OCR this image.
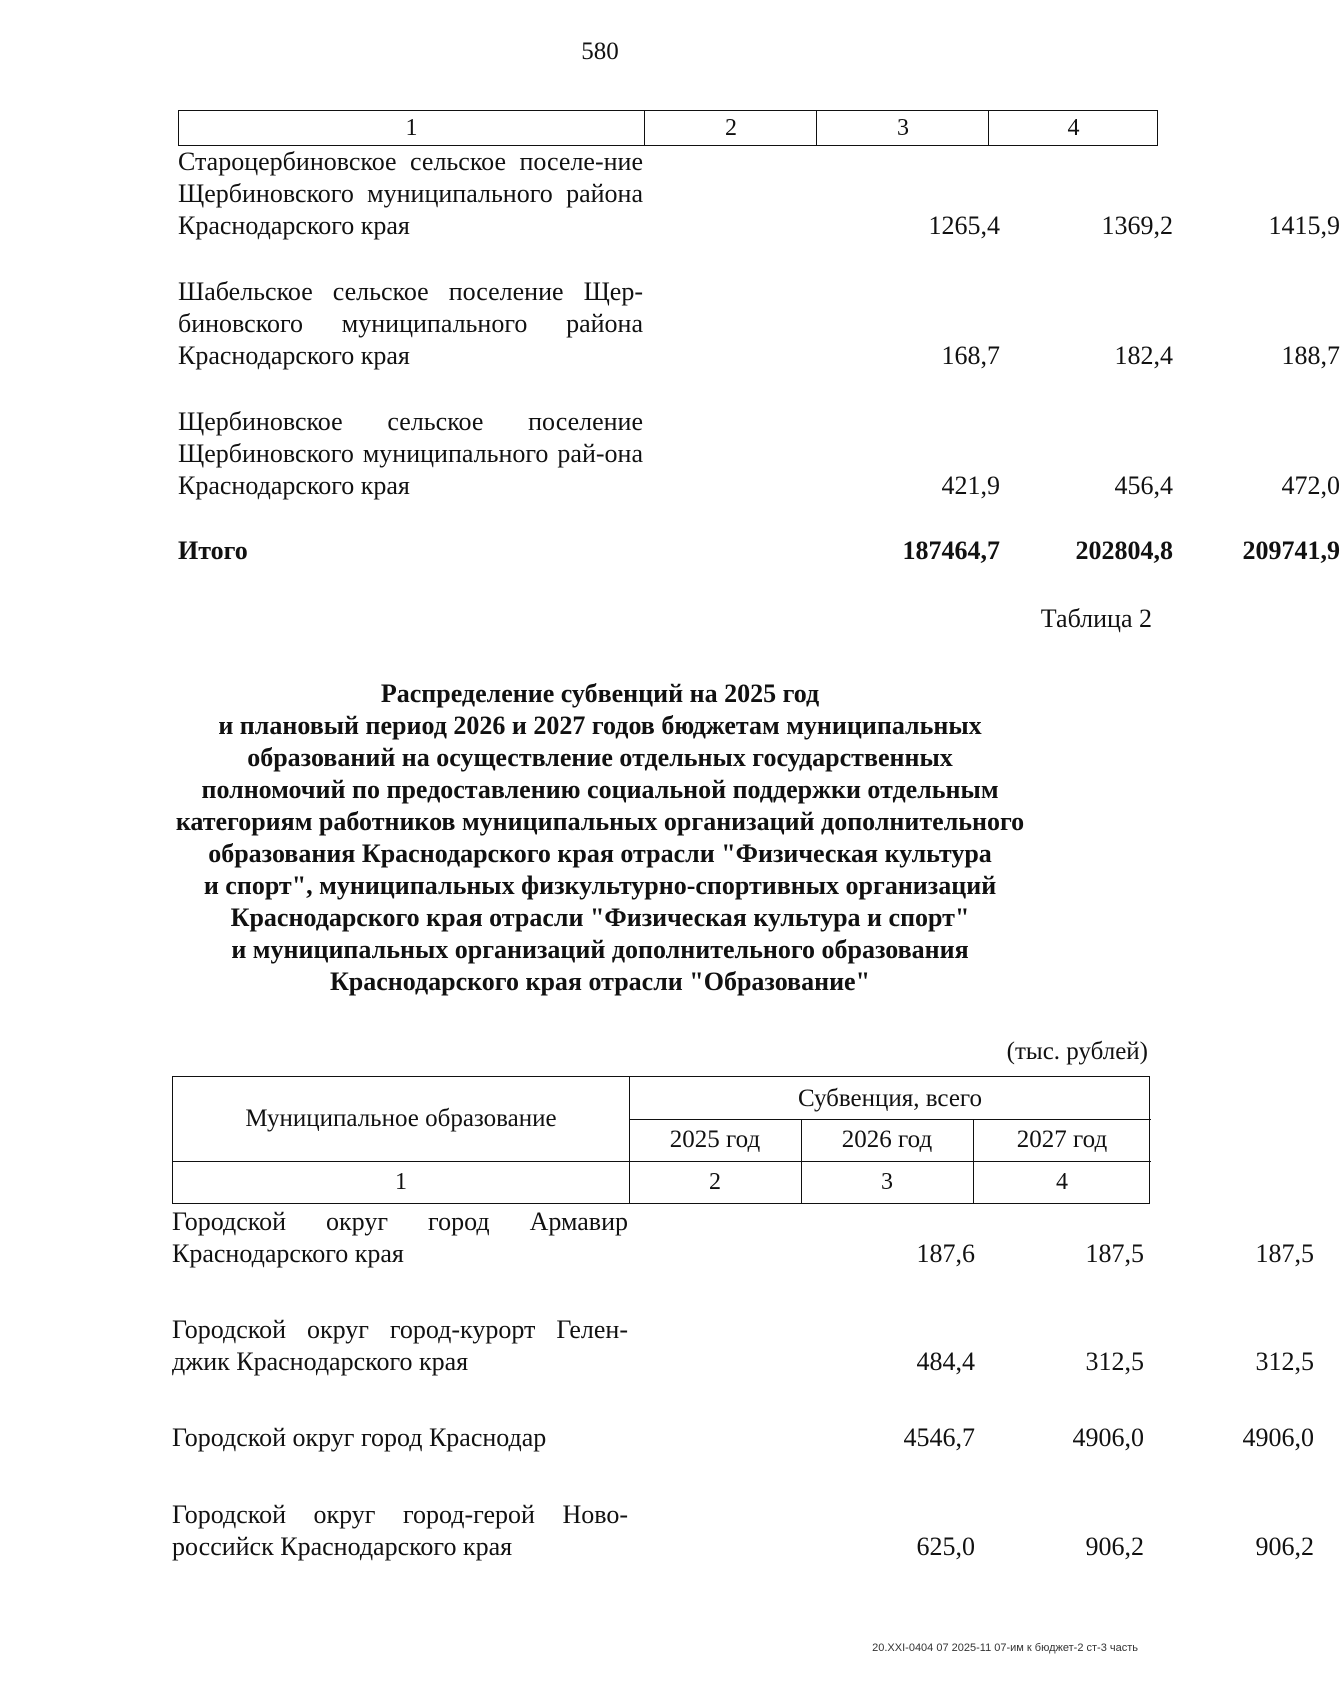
580
1	2	3	4
Староцербиновское сельское поселе-ние Щербиновского муниципального района Краснодарского края	1265,4	1369,2	1415,9
Шабельское сельское поселение Щер-биновского муниципального района Краснодарского края	168,7	182,4	188,7
Щербиновское сельское поселение Щербиновского муниципального рай-она Краснодарского края	421,9	456,4	472,0
Итого	187464,7	202804,8	209741,9
Таблица 2
Распределение субвенций на 2025 год
и плановый период 2026 и 2027 годов бюджетам муниципальных
образований на осуществление отдельных государственных
полномочий по предоставлению социальной поддержки отдельным
категориям работников муниципальных организаций дополнительного
образования Краснодарского края отрасли "Физическая культура
и спорт", муниципальных физкультурно-спортивных организаций
Краснодарского края отрасли "Физическая культура и спорт"
и муниципальных организаций дополнительного образования
Краснодарского края отрасли "Образование"
(тыс. рублей)
Муниципальное образование
Субвенция, всего
2025 год	2026 год	2027 год
1	2	3	4
Городской округ город Армавир Краснодарского края	187,6	187,5	187,5
Городской округ город-курорт Гелен-джик Краснодарского края	484,4	312,5	312,5
Городской округ город Краснодар	4546,7	4906,0	4906,0
Городской округ город-герой Ново-российск Краснодарского края	625,0	906,2	906,2
20.XXI-0404 07 2025-11 07-им к бюджет-2 ст-3 часть
